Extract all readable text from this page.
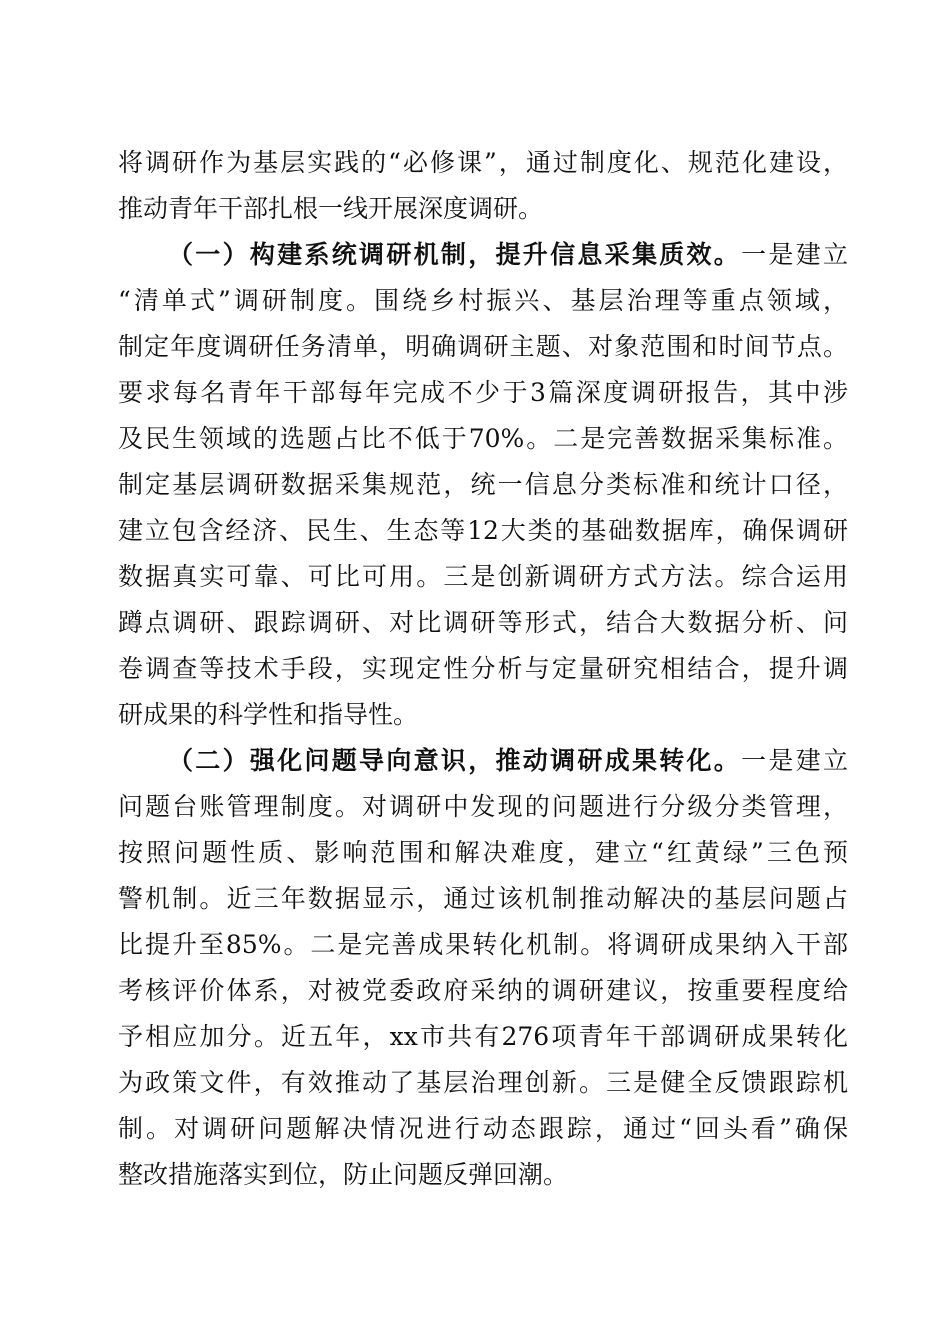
将调研作为基层实践的“必修课”，通过制度化、规范化建设，
推动青年干部扎根一线开展深度调研。
（一）构建系统调研机制，提升信息采集质效。一是建立
“清单式”调研制度。围绕乡村振兴、基层治理等重点领域，
制定年度调研任务清单，明确调研主题、对象范围和时间节点。
要求每名青年干部每年完成不少于3篇深度调研报告，其中涉
及民生领域的选题占比不低于70%。二是完善数据采集标准。
制定基层调研数据采集规范，统一信息分类标准和统计口径，
建立包含经济、民生、生态等12大类的基础数据库，确保调研
数据真实可靠、可比可用。三是创新调研方式方法。综合运用
蹲点调研、跟踪调研、对比调研等形式，结合大数据分析、问
卷调查等技术手段，实现定性分析与定量研究相结合，提升调
研成果的科学性和指导性。
（二）强化问题导向意识，推动调研成果转化。一是建立
问题台账管理制度。对调研中发现的问题进行分级分类管理，
按照问题性质、影响范围和解决难度，建立“红黄绿”三色预
警机制。近三年数据显示，通过该机制推动解决的基层问题占
比提升至85%。二是完善成果转化机制。将调研成果纳入干部
考核评价体系，对被党委政府采纳的调研建议，按重要程度给
予相应加分。近五年，xx市共有276项青年干部调研成果转化
为政策文件，有效推动了基层治理创新。三是健全反馈跟踪机
制。对调研问题解决情况进行动态跟踪，通过“回头看”确保
整改措施落实到位，防止问题反弹回潮。
